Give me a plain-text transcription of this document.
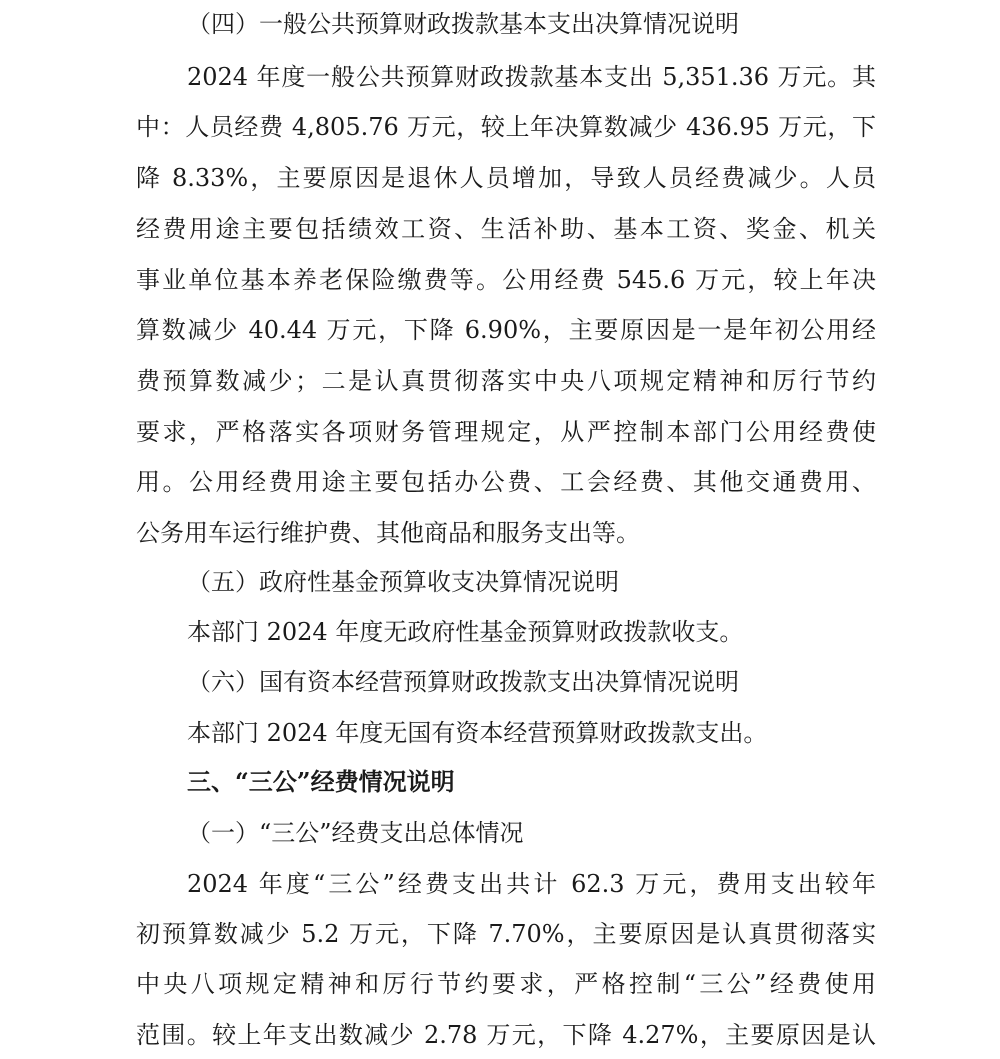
（四）一般公共预算财政拨款基本支出决算情况说明
2024 年度一般公共预算财政拨款基本支出 5,351.36 万元。其
中：人员经费 4,805.76 万元，较上年决算数减少 436.95 万元，下
降 8.33%，主要原因是退休人员增加，导致人员经费减少。人员
经费用途主要包括绩效工资、生活补助、基本工资、奖金、机关
事业单位基本养老保险缴费等。公用经费 545.6 万元，较上年决
算数减少 40.44 万元，下降 6.90%，主要原因是一是年初公用经
费预算数减少；二是认真贯彻落实中央八项规定精神和厉行节约
要求，严格落实各项财务管理规定，从严控制本部门公用经费使
用。公用经费用途主要包括办公费、工会经费、其他交通费用、
公务用车运行维护费、其他商品和服务支出等。
（五）政府性基金预算收支决算情况说明
本部门 2024 年度无政府性基金预算财政拨款收支。
（六）国有资本经营预算财政拨款支出决算情况说明
本部门 2024 年度无国有资本经营预算财政拨款支出。
三、“三公”经费情况说明
（一）“三公”经费支出总体情况
2024 年度“三公”经费支出共计 62.3 万元，费用支出较年
初预算数减少 5.2 万元，下降 7.70%，主要原因是认真贯彻落实
中央八项规定精神和厉行节约要求，严格控制“三公”经费使用
范围。较上年支出数减少 2.78 万元，下降 4.27%，主要原因是认
